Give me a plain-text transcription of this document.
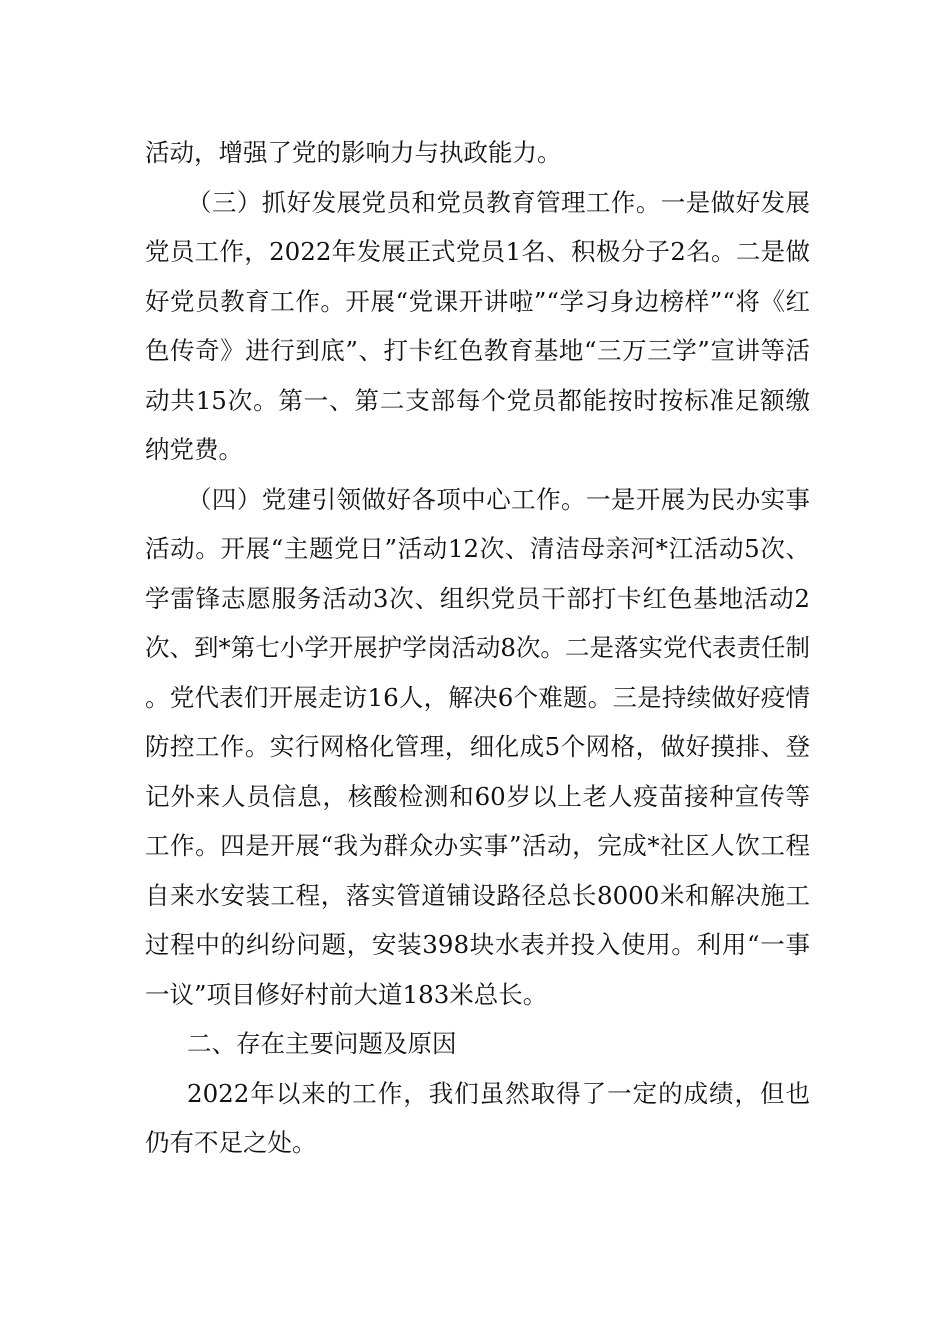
活动，增强了党的影响力与执政能力。

（三）抓好发展党员和党员教育管理工作。一是做好发展党员工作，2022年发展正式党员1名、积极分子2名。二是做好党员教育工作。开展“党课开讲啦”“学习身边榜样”“将《红色传奇》进行到底”、打卡红色教育基地“三万三学”宣讲等活动共15次。第一、第二支部每个党员都能按时按标准足额缴纳党费。

（四）党建引领做好各项中心工作。一是开展为民办实事活动。开展“主题党日”活动12次、清洁母亲河*江活动5次、学雷锋志愿服务活动3次、组织党员干部打卡红色基地活动2次、到*第七小学开展护学岗活动8次。二是落实党代表责任制。党代表们开展走访16人，解决6个难题。三是持续做好疫情防控工作。实行网格化管理，细化成5个网格，做好摸排、登记外来人员信息，核酸检测和60岁以上老人疫苗接种宣传等工作。四是开展“我为群众办实事”活动，完成*社区人饮工程自来水安装工程，落实管道铺设路径总长8000米和解决施工过程中的纠纷问题，安装398块水表并投入使用。利用“一事一议”项目修好村前大道183米总长。

二、存在主要问题及原因

2022年以来的工作，我们虽然取得了一定的成绩，但也仍有不足之处。
